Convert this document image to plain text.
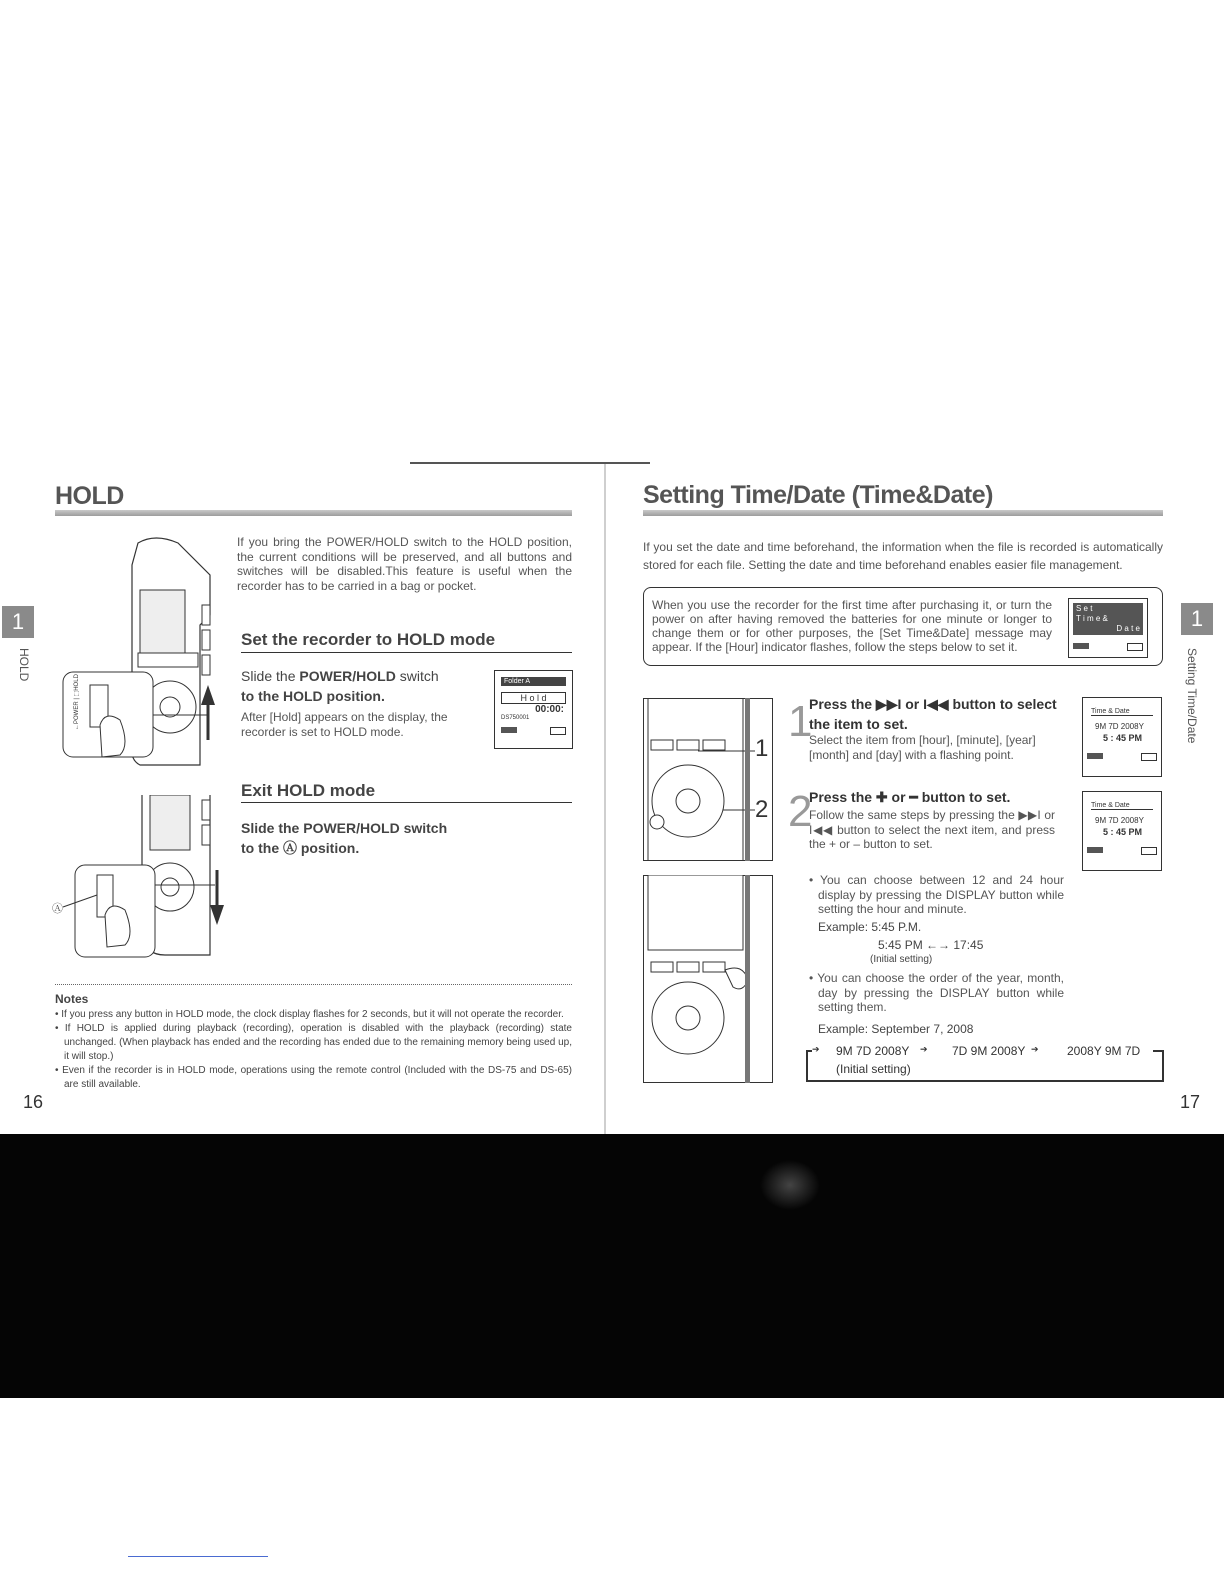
HOLD
1
HOLD
←POWER | ⬚HOLD
If you bring the POWER/HOLD switch to the HOLD position, the current conditions will be preserved, and all buttons and switches will be disabled.This feature is useful when the recorder has to be carried in a bag or pocket.
Set the recorder to HOLD mode
Slide the POWER/HOLD switch
to the HOLD position.
After [Hold] appears on the display, the recorder is set to HOLD mode.
Folder A
H o l d
00:00:
DS750001
Ⓐ
Exit HOLD mode
Slide the POWER/HOLD switch
to the Ⓐ position.
Notes
• If you press any button in HOLD mode, the clock display flashes for 2 seconds, but it will not operate the recorder.
• If HOLD is applied during playback (recording), operation is disabled with the playback (recording) state unchanged. (When playback has ended and the recording has ended due to the remaining memory being used up, it will stop.)
• Even if the recorder is in HOLD mode, operations using the remote control (Included with the DS-75 and DS-65) are still available.
16
Setting Time/Date (Time&Date)
1
Setting Time/Date
If you set the date and time beforehand, the information when the file is recorded is automatically stored for each file. Setting the date and time beforehand enables easier file management.
When you use the recorder for the first time after purchasing it, or turn the power on after having removed the batteries for one minute or longer to change them or for other purposes, the [Set Time&Date] message may appear. If the [Hour] indicator flashes, follow the steps below to set it.
S e t
T i m e &
D a t e
1
2
1
Press the ▶▶I or I◀◀ button to select
the item to set.
Select the item from [hour], [minute], [year] [month] and [day] with a flashing point.
Time & Date
9M 7D 2008Y
5 : 45 PM
2
Press the ✚ or ━ button to set.
Follow the same steps by pressing the ▶▶I or I◀◀ button to select the next item, and press the + or – button to set.
Time & Date
9M 7D 2008Y
5 : 45 PM
• You can choose between 12 and 24 hour display by pressing the DISPLAY button while setting the hour and minute.
Example: 5:45 P.M.
5:45 PM ←→ 17:45
(Initial setting)
• You can choose the order of the year, month, day by pressing the DISPLAY button while setting them.
Example: September 7, 2008
➔ 9M 7D 2008Y ➔ 7D 9M 2008Y ➔ 2008Y 9M 7D
(Initial setting)
17
